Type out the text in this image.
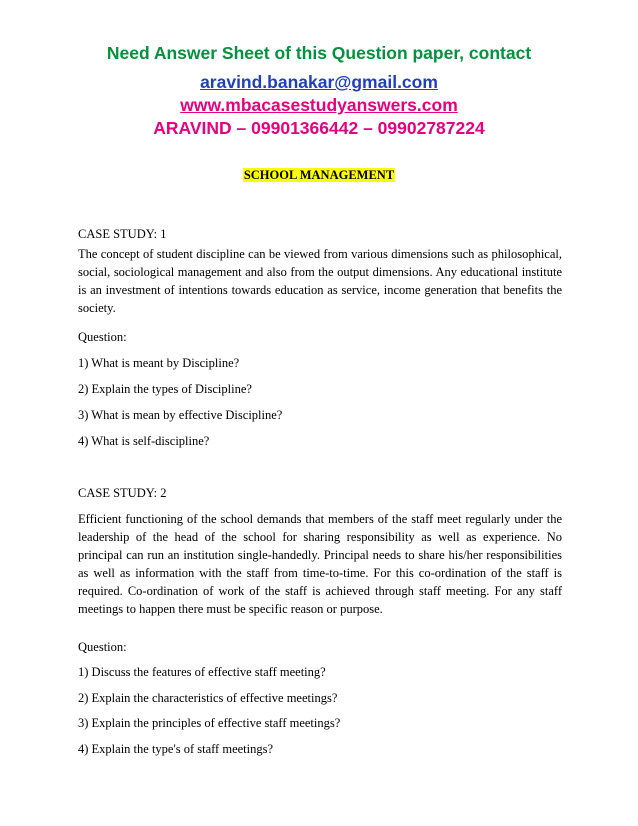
Need Answer Sheet of this Question paper, contact
aravind.banakar@gmail.com
www.mbacasestudyanswers.com
ARAVIND – 09901366442 – 09902787224
SCHOOL MANAGEMENT
CASE STUDY: 1
The concept of student discipline can be viewed from various dimensions such as philosophical, social, sociological management and also from the output dimensions. Any educational institute is an investment of intentions towards education as service, income generation that benefits the society.
Question:
1) What is meant by Discipline?
2) Explain the types of Discipline?
3) What is mean by effective Discipline?
4) What is self-discipline?
CASE STUDY: 2
Efficient functioning of the school demands that members of the staff meet regularly under the leadership of the head of the school for sharing responsibility as well as experience. No principal can run an institution single-handedly. Principal needs to share his/her responsibilities as well as information with the staff from time-to-time. For this co-ordination of the staff is required. Co-ordination of work of the staff is achieved through staff meeting. For any staff meetings to happen there must be specific reason or purpose.
Question:
1) Discuss the features of effective staff meeting?
2) Explain the characteristics of effective meetings?
3) Explain the principles of effective staff meetings?
4) Explain the type's of staff meetings?
